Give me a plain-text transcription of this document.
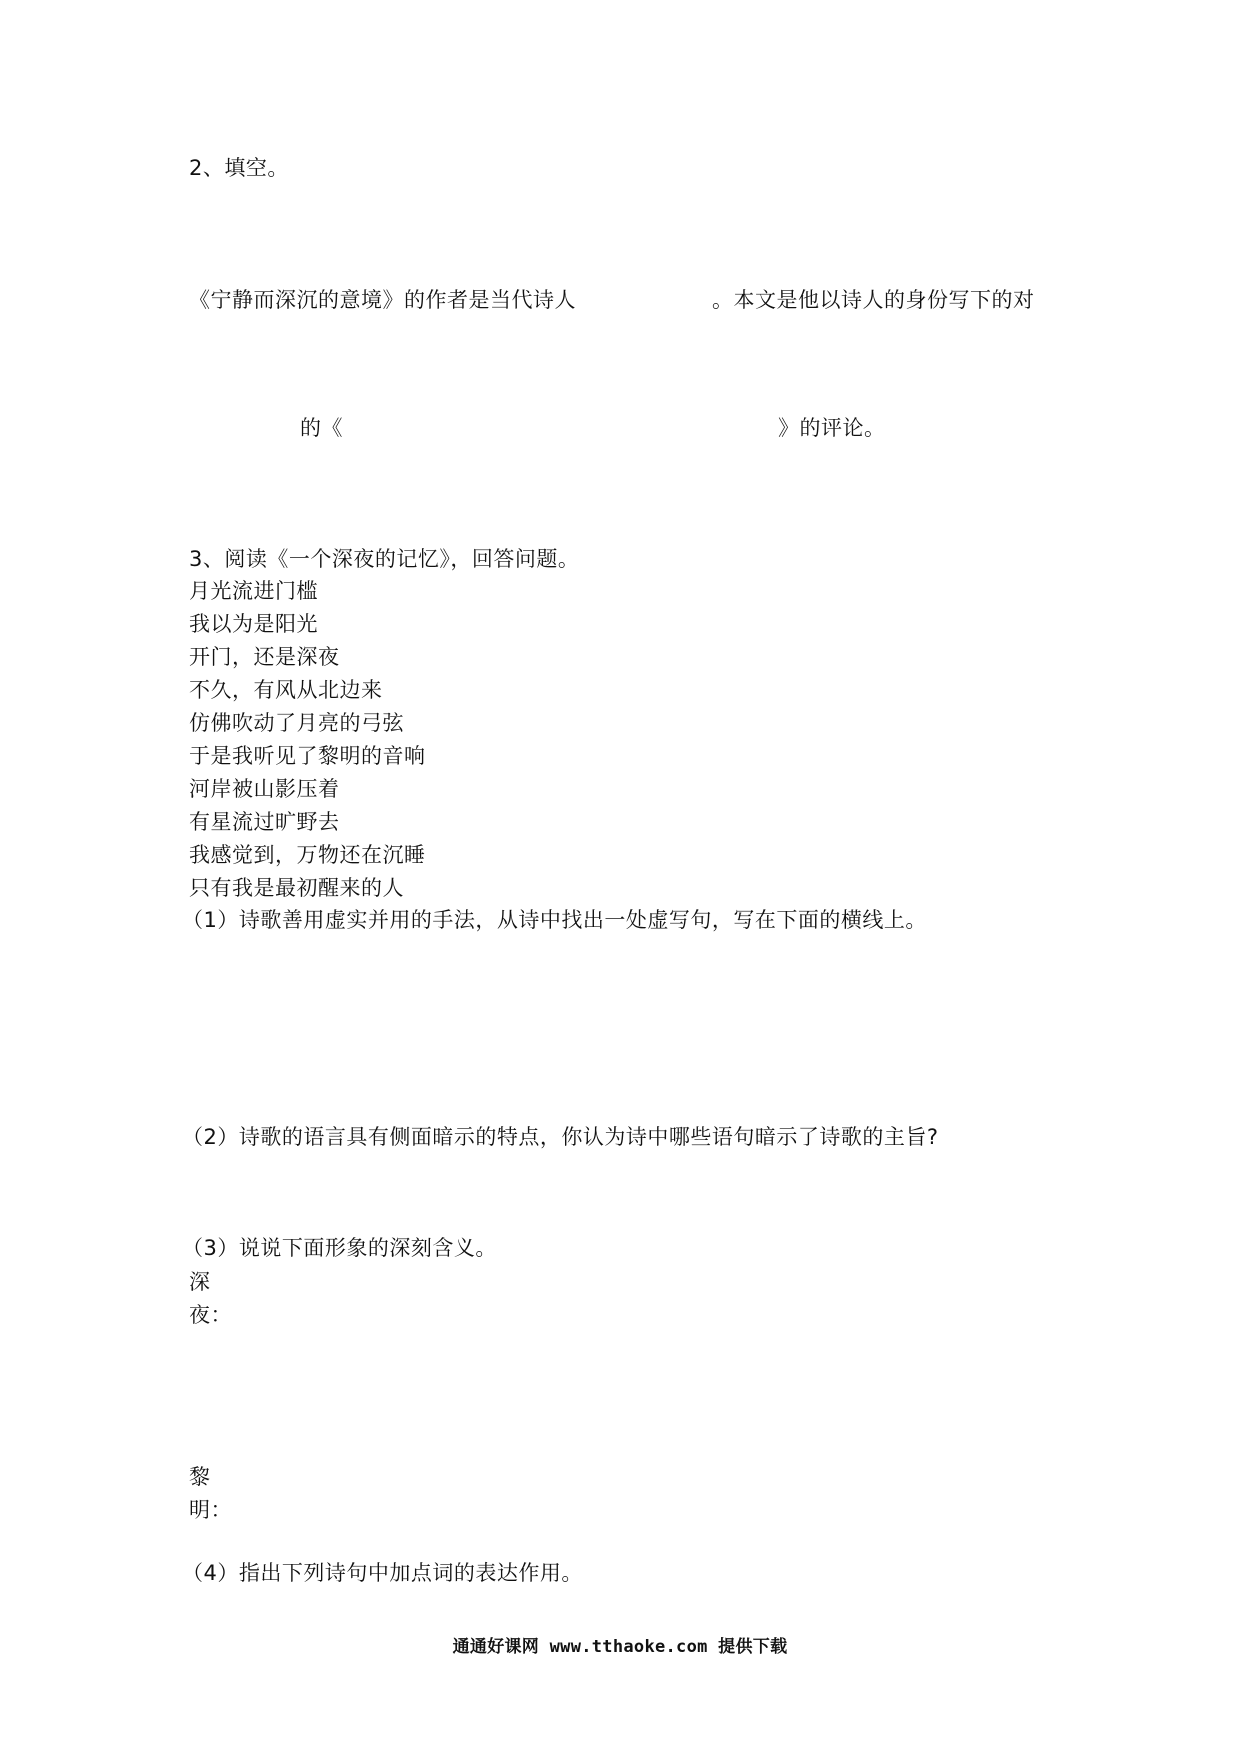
2、填空。
《宁静而深沉的意境》的作者是当代诗人	。本文是他以诗人的身份写下的对
的《	》的评论。
3、阅读《一个深夜的记忆》，回答问题。
月光流进门槛
我以为是阳光
开门，还是深夜
不久，有风从北边来
仿佛吹动了月亮的弓弦
于是我听见了黎明的音响
河岸被山影压着
有星流过旷野去
我感觉到，万物还在沉睡
只有我是最初醒来的人
（1）诗歌善用虚实并用的手法，从诗中找出一处虚写句，写在下面的横线上。
（2）诗歌的语言具有侧面暗示的特点，你认为诗中哪些语句暗示了诗歌的主旨?
（3）说说下面形象的深刻含义。
深
夜：
黎
明：
（4）指出下列诗句中加点词的表达作用。
通通好课网 www.tthaoke.com 提供下载
